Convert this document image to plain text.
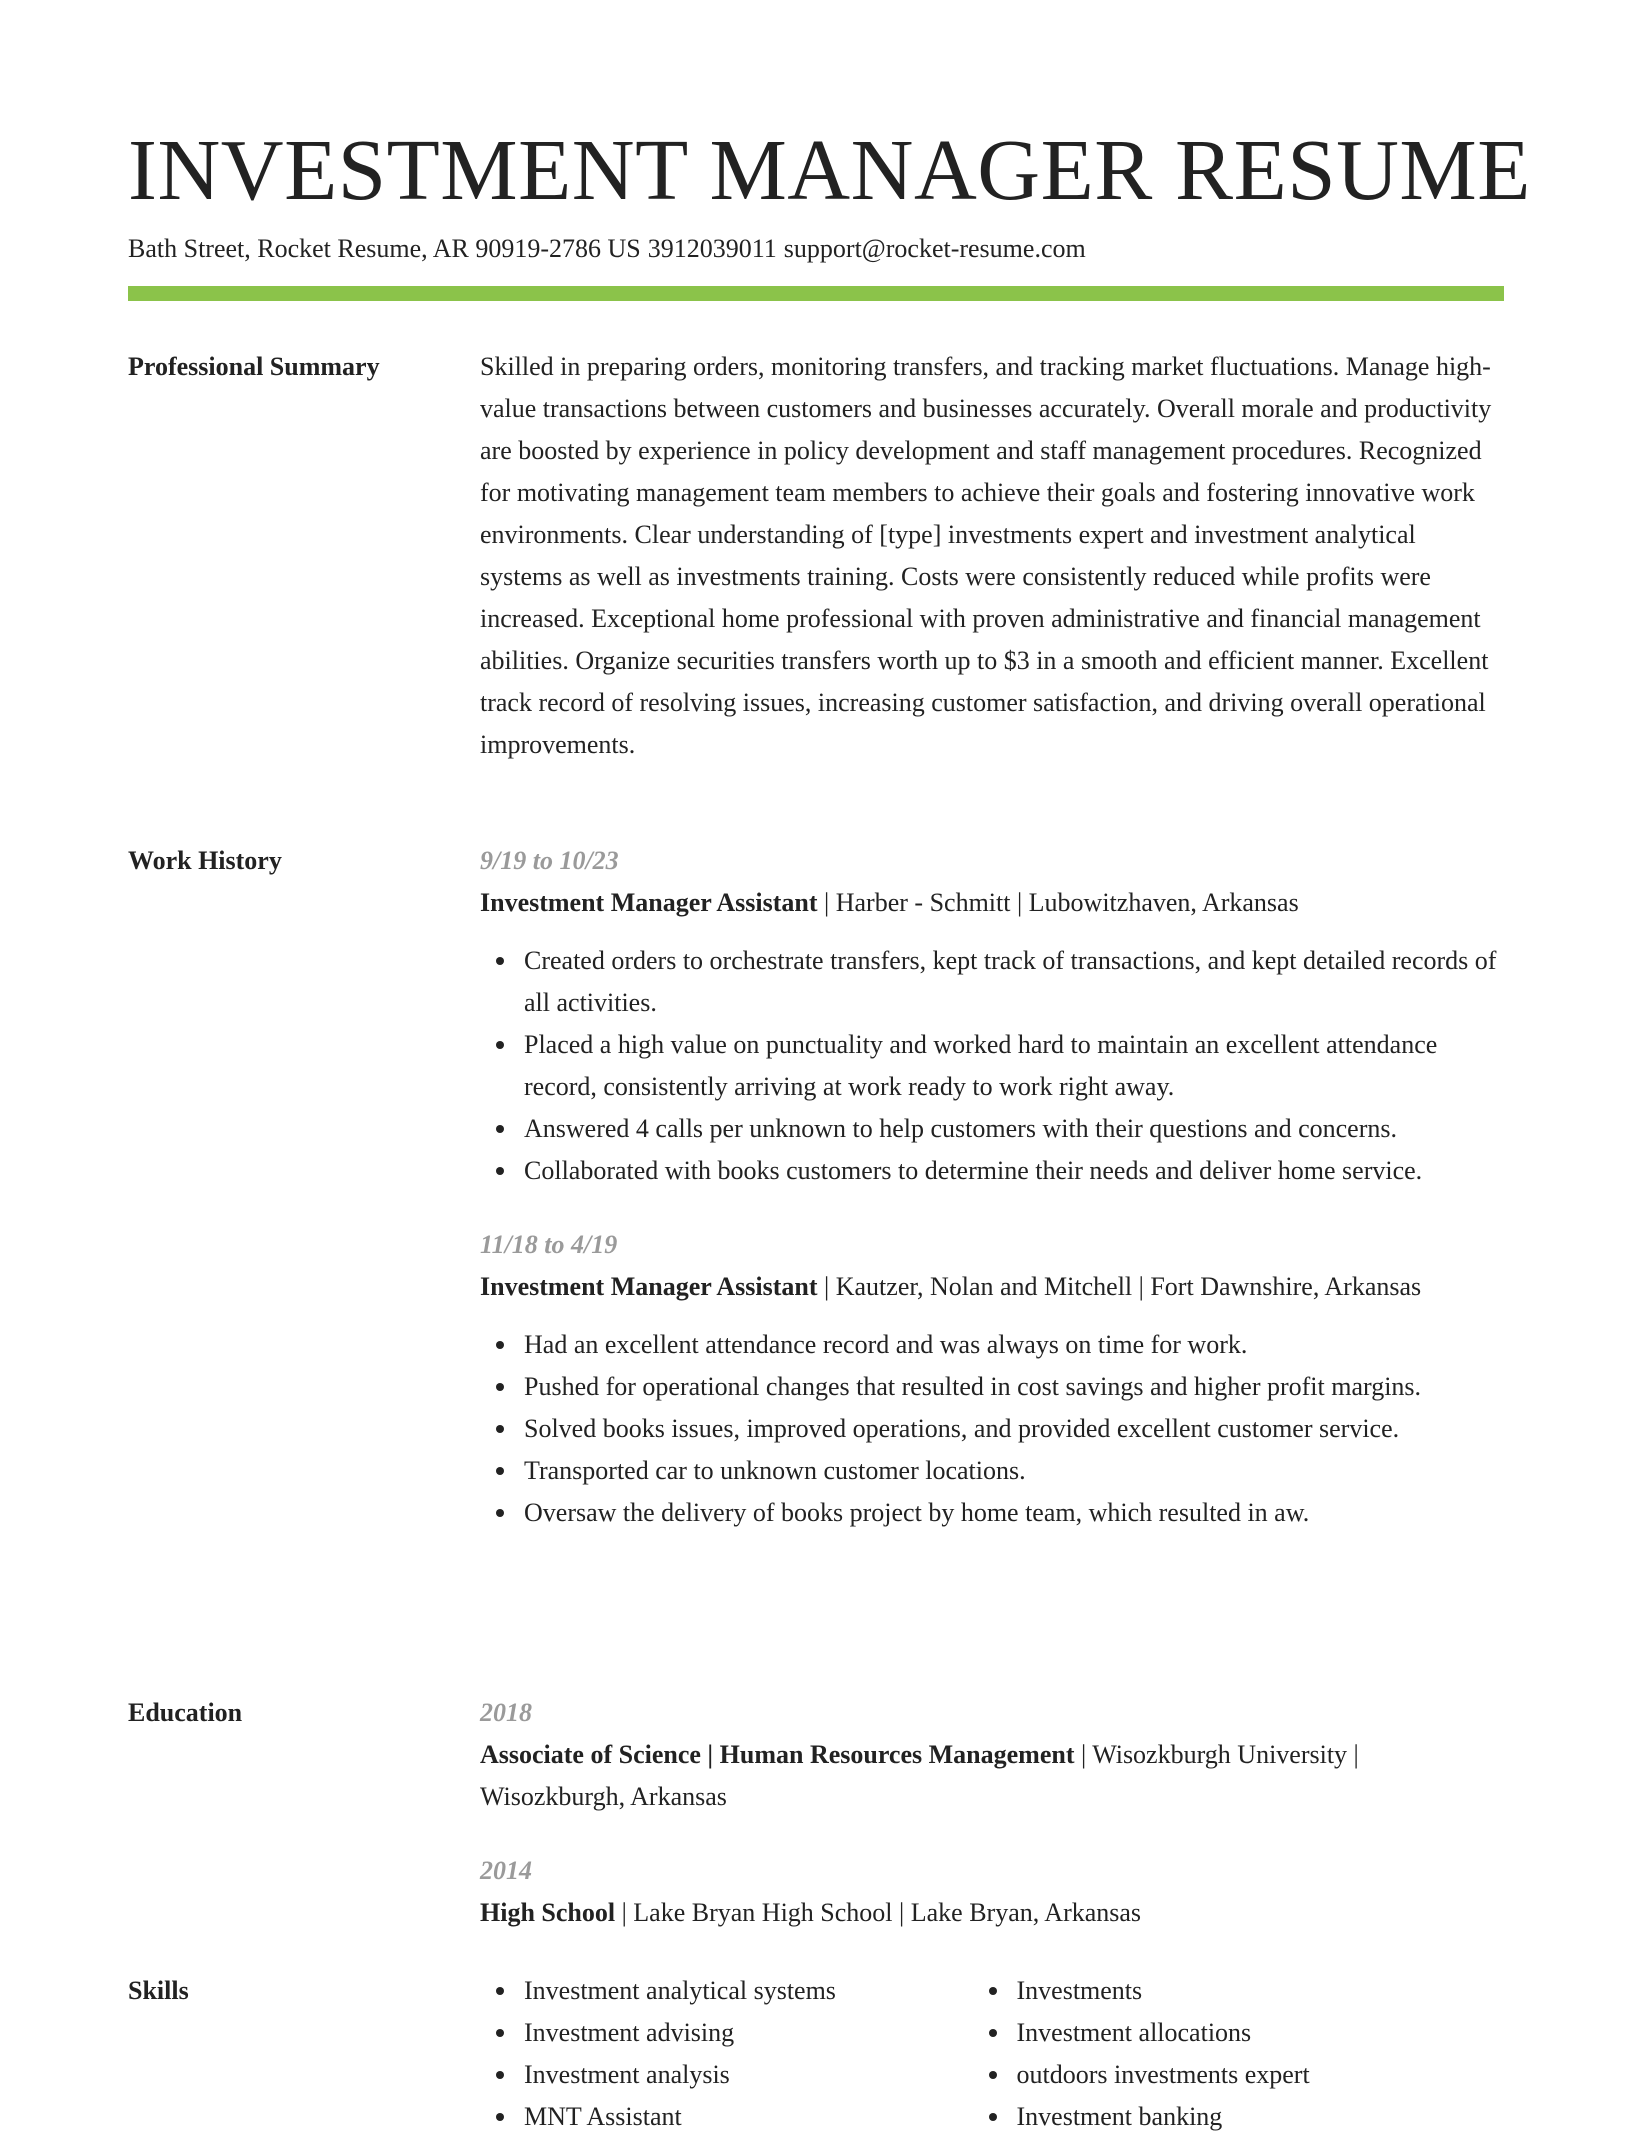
INVESTMENT MANAGER RESUME
Bath Street, Rocket Resume, AR 90919-2786 US 3912039011 support@rocket-resume.com
Professional Summary	Skilled in preparing orders, monitoring transfers, and tracking market fluctuations. Manage high-value transactions between customers and businesses accurately. Overall morale and productivity are boosted by experience in policy development and staff management procedures. Recognized for motivating management team members to achieve their goals and fostering innovative work environments. Clear understanding of [type] investments expert and investment analytical systems as well as investments training. Costs were consistently reduced while profits were increased. Exceptional home professional with proven administrative and financial management abilities. Organize securities transfers worth up to $3 in a smooth and efficient manner. Excellent track record of resolving issues, increasing customer satisfaction, and driving overall operational improvements.

Work History	9/19 to 10/23

Investment Manager Assistant | Harber - Schmitt | Lubowitzhaven, Arkansas

Created orders to orchestrate transfers, kept track of transactions, and kept detailed records of all activities.
Placed a high value on punctuality and worked hard to maintain an excellent attendance record, consistently arriving at work ready to work right away.
Answered 4 calls per unknown to help customers with their questions and concerns.
Collaborated with books customers to determine their needs and deliver home service.
11/18 to 4/19

Investment Manager Assistant | Kautzer, Nolan and Mitchell | Fort Dawnshire, Arkansas

Had an excellent attendance record and was always on time for work.
Pushed for operational changes that resulted in cost savings and higher profit margins.
Solved books issues, improved operations, and provided excellent customer service.
Transported car to unknown customer locations.
Oversaw the delivery of books project by home team, which resulted in aw.
Education	2018

Associate of Science | Human Resources Management | Wisozkburgh University | Wisozkburgh, Arkansas

2014

High School | Lake Bryan High School | Lake Bryan, Arkansas

Skills	Investment analytical systems
Investment advising
Investment analysis
MNT Assistant
Investments
Investment allocations
outdoors investments expert
Investment banking
